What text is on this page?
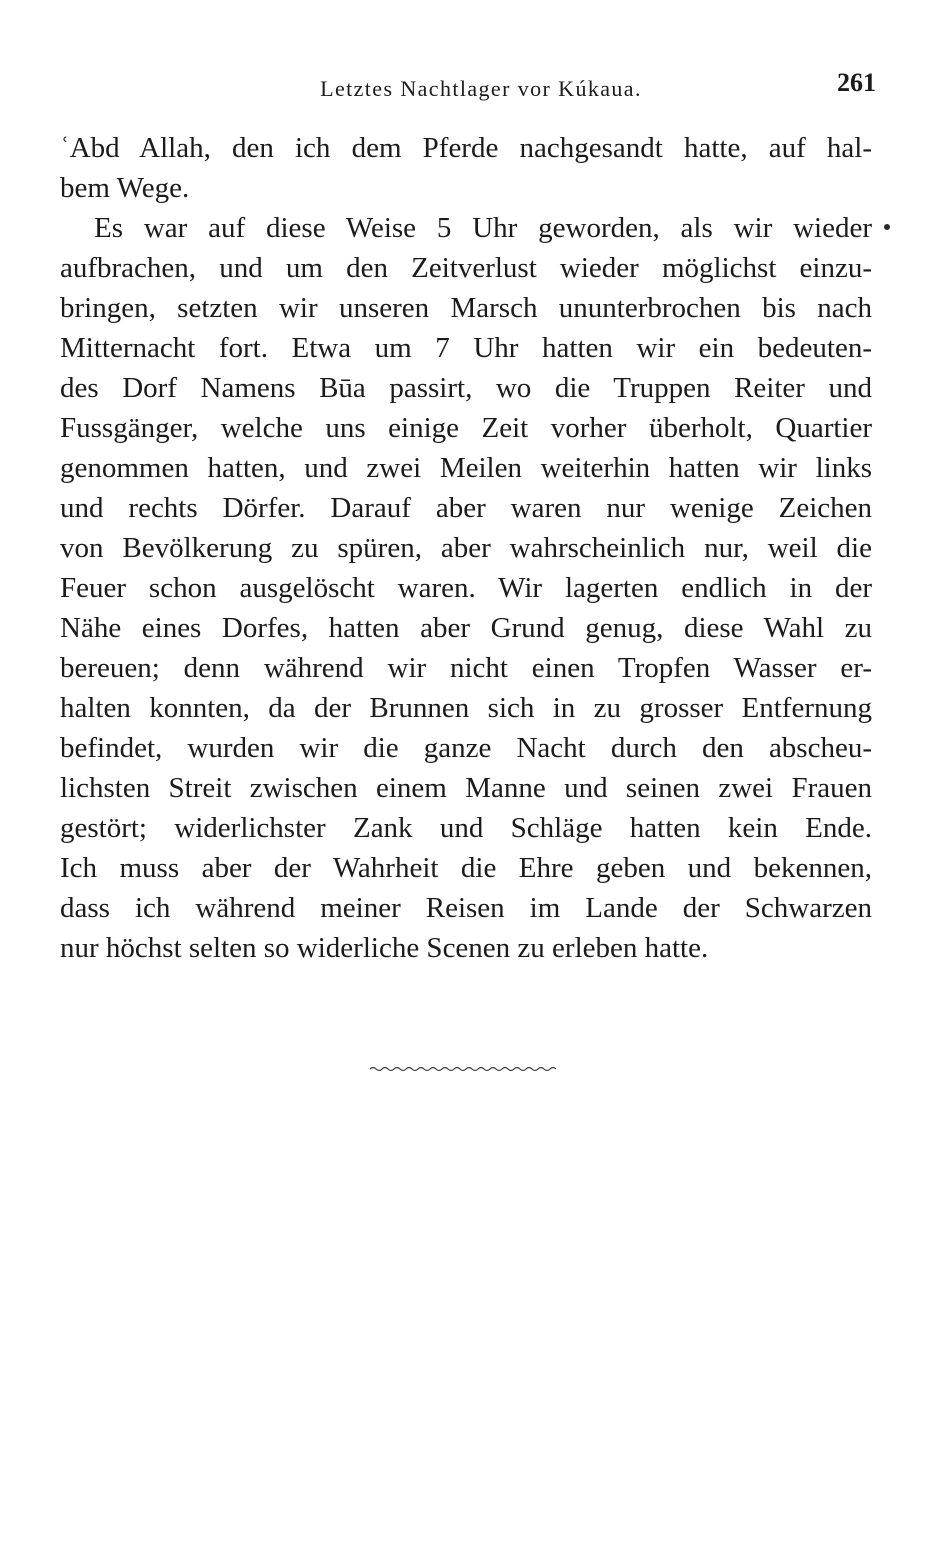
Letztes Nachtlager vor Kúkaua.	261
ʿAbd Allah, den ich dem Pferde nachgesandt hatte, auf hal-
bem Wege.
Es war auf diese Weise 5 Uhr geworden, als wir wieder
aufbrachen, und um den Zeitverlust wieder möglichst einzu-
bringen, setzten wir unseren Marsch ununterbrochen bis nach
Mitternacht fort. Etwa um 7 Uhr hatten wir ein bedeuten-
des Dorf Namens Būa passirt, wo die Truppen Reiter und
Fussgänger, welche uns einige Zeit vorher überholt, Quartier
genommen hatten, und zwei Meilen weiterhin hatten wir links
und rechts Dörfer. Darauf aber waren nur wenige Zeichen
von Bevölkerung zu spüren, aber wahrscheinlich nur, weil die
Feuer schon ausgelöscht waren. Wir lagerten endlich in der
Nähe eines Dorfes, hatten aber Grund genug, diese Wahl zu
bereuen; denn während wir nicht einen Tropfen Wasser er-
halten konnten, da der Brunnen sich in zu grosser Entfernung
befindet, wurden wir die ganze Nacht durch den abscheu-
lichsten Streit zwischen einem Manne und seinen zwei Frauen
gestört; widerlichster Zank und Schläge hatten kein Ende.
Ich muss aber der Wahrheit die Ehre geben und bekennen,
dass ich während meiner Reisen im Lande der Schwarzen
nur höchst selten so widerliche Scenen zu erleben hatte.
